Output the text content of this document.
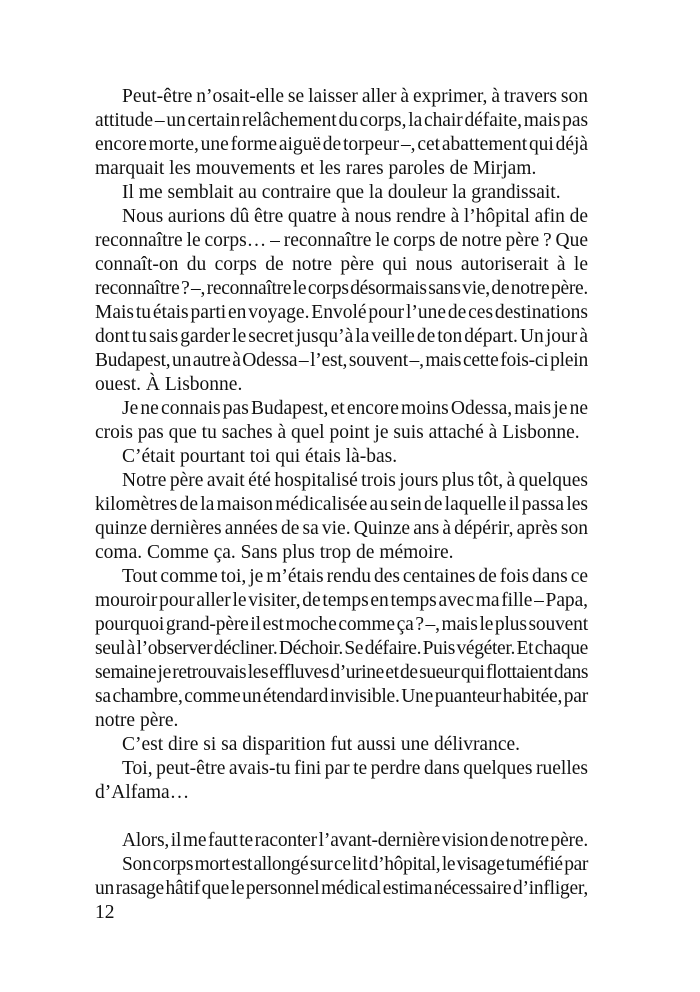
Peut-être n’osait-elle se laisser aller à exprimer, à travers son
attitude – un certain relâchement du corps, la chair défaite, mais pas
encore morte, une forme aiguë de torpeur –, cet abattement qui déjà
marquait les mouvements et les rares paroles de Mirjam.
Il me semblait au contraire que la douleur la grandissait.
Nous aurions dû être quatre à nous rendre à l’hôpital afin de
reconnaître le corps… – reconnaître le corps de notre père ? Que
connaît-on du corps de notre père qui nous autoriserait à le
reconnaître ? –, reconnaître le corps désormais sans vie, de notre père.
Mais tu étais parti en voyage. Envolé pour l’une de ces destinations
dont tu sais garder le secret jusqu’à la veille de ton départ. Un jour à
Budapest, un autre à Odessa – l’est, souvent –, mais cette fois-ci plein
ouest. À Lisbonne.
Je ne connais pas Budapest, et encore moins Odessa, mais je ne
crois pas que tu saches à quel point je suis attaché à Lisbonne.
C’était pourtant toi qui étais là-bas.
Notre père avait été hospitalisé trois jours plus tôt, à quelques
kilomètres de la maison médicalisée au sein de laquelle il passa les
quinze dernières années de sa vie. Quinze ans à dépérir, après son
coma. Comme ça. Sans plus trop de mémoire.
Tout comme toi, je m’étais rendu des centaines de fois dans ce
mouroir pour aller le visiter, de temps en temps avec ma fille – Papa,
pourquoi grand-père il est moche comme ça ? –, mais le plus souvent
seul à l’observer décliner. Déchoir. Se défaire. Puis végéter. Et chaque
semaine je retrouvais les effluves d’urine et de sueur qui flottaient dans
sa chambre, comme un étendard invisible. Une puanteur habitée, par
notre père.
C’est dire si sa disparition fut aussi une délivrance.
Toi, peut-être avais-tu fini par te perdre dans quelques ruelles
d’Alfama…
Alors, il me faut te raconter l’avant-dernière vision de notre père.
Son corps mort est allongé sur ce lit d’hôpital, le visage tuméfié par
un rasage hâtif que le personnel médical estima nécessaire d’infliger,
12
